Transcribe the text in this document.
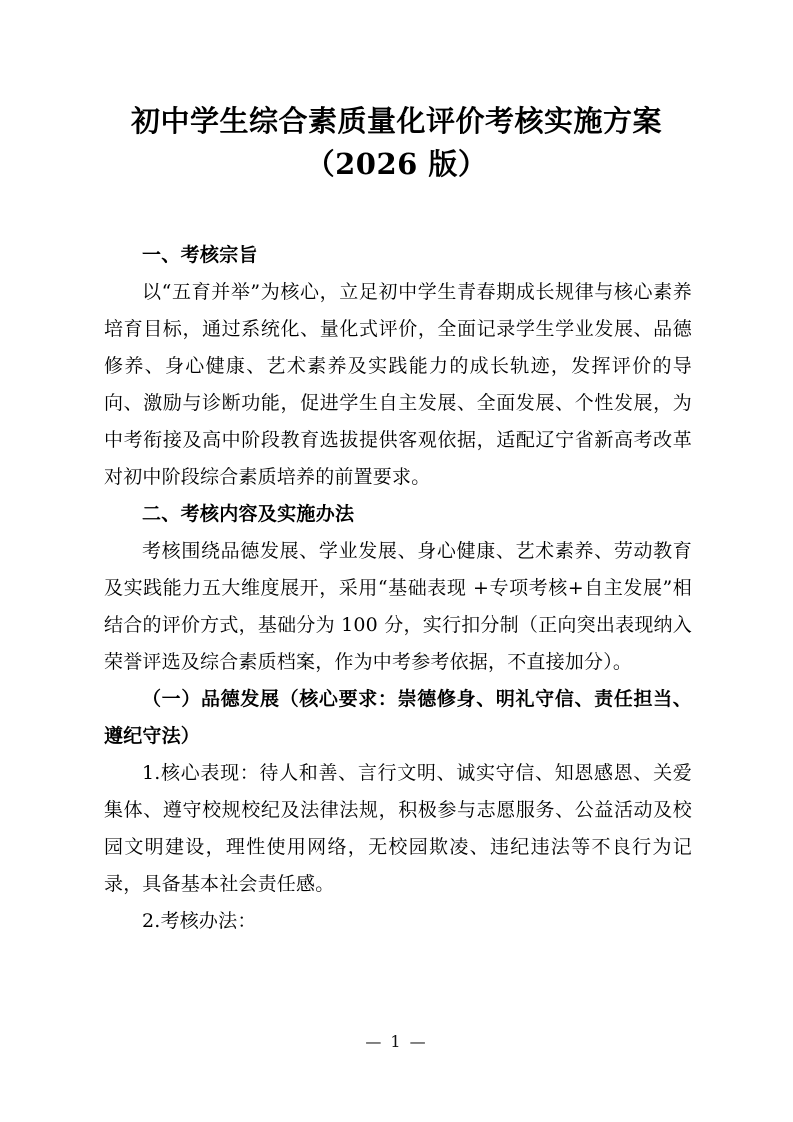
初中学生综合素质量化评价考核实施方案
（2026 版）

一、考核宗旨

以“五育并举”为核心，立足初中学生青春期成长规律与核心素养培育目标，通过系统化、量化式评价，全面记录学生学业发展、品德修养、身心健康、艺术素养及实践能力的成长轨迹，发挥评价的导向、激励与诊断功能，促进学生自主发展、全面发展、个性发展，为中考衔接及高中阶段教育选拔提供客观依据，适配辽宁省新高考改革对初中阶段综合素质培养的前置要求。

二、考核内容及实施办法

考核围绕品德发展、学业发展、身心健康、艺术素养、劳动教育及实践能力五大维度展开，采用“基础表现 +专项考核+自主发展”相结合的评价方式，基础分为 100 分，实行扣分制（正向突出表现纳入荣誉评选及综合素质档案，作为中考参考依据，不直接加分）。

（一）品德发展（核心要求：崇德修身、明礼守信、责任担当、遵纪守法）

1.核心表现：待人和善、言行文明、诚实守信、知恩感恩、关爱集体、遵守校规校纪及法律法规，积极参与志愿服务、公益活动及校园文明建设，理性使用网络，无校园欺凌、违纪违法等不良行为记录，具备基本社会责任感。

2.考核办法：

— 1 —
